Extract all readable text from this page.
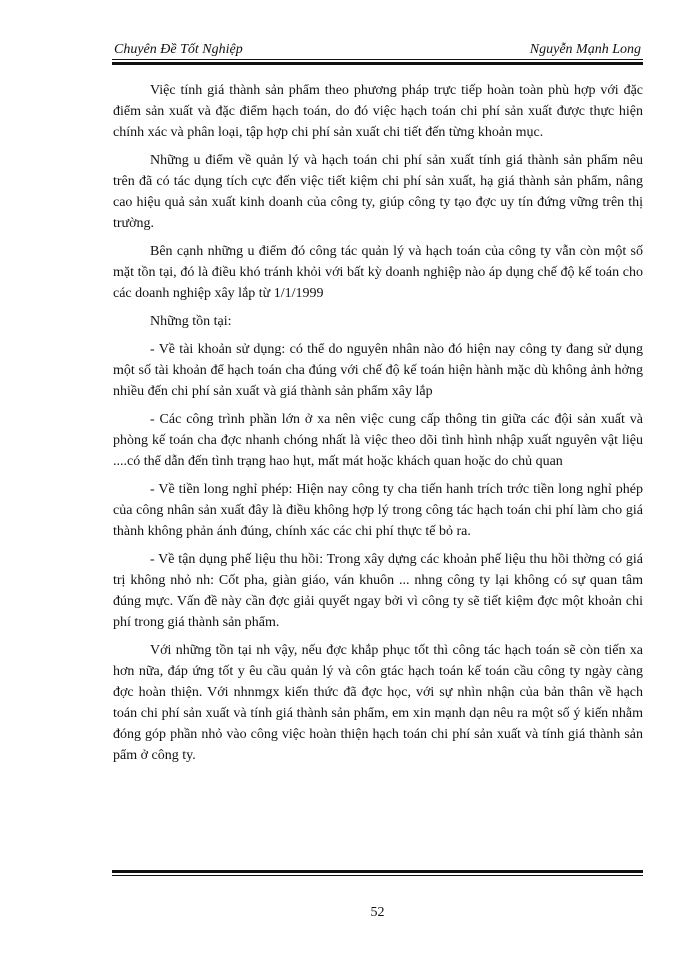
Chuyên Đề Tốt Nghiệp	Nguyễn Mạnh Long

Việc tính giá thành sản phẩm theo phương pháp trực tiếp hoàn toàn phù hợp với đặc điểm sản xuất và đặc điểm hạch toán, do đó việc hạch toán chi phí sản xuất được thực hiện chính xác và phân loại, tập hợp chi phí sản xuất chi tiết đến từng khoản mục.

Những u điểm về quản lý và hạch toán chi phí sản xuất tính giá thành sản phẩm nêu trên đã có tác dụng tích cực đến việc tiết kiệm chi phí sản xuất, hạ giá thành sản phẩm, nâng cao hiệu quả sản xuất kinh doanh của công ty, giúp công ty tạo đợc uy tín đứng vững trên thị trường.

Bên cạnh những u điểm đó công tác quản lý và hạch toán của công ty vẫn còn một số mặt tồn tại, đó là điều khó tránh khỏi với bất kỳ doanh nghiệp nào áp dụng chế độ kế toán cho các doanh nghiệp xây lắp từ 1/1/1999

Những tồn tại:

- Về tài khoản sử dụng: có thể do nguyên nhân nào đó hiện nay công ty đang sử dụng một số tài khoản để hạch toán cha đúng với chế độ kế toán hiện hành mặc dù không ảnh hởng nhiều đến chi phí sản xuất và giá thành sản phẩm xây lắp

- Các công trình phần lớn ở xa nên việc cung cấp thông tin giữa các đội sản xuất và phòng kế toán cha đợc nhanh chóng nhất là việc theo dõi tình hình nhập xuất nguyên vật liệu ....có thể dẫn đến tình trạng hao hụt, mất mát hoặc khách quan hoặc do chủ quan

- Về tiền long nghỉ phép: Hiện nay công ty cha tiến hanh trích trớc tiền long nghỉ phép của công nhân sản xuất đây là điều không hợp lý trong công tác hạch toán chi phí làm cho giá thành không phản ánh đúng, chính xác các chi phí thực tế bỏ ra.

- Về tận dụng phế liệu thu hồi: Trong xây dựng các khoản phế liệu thu hồi thờng có giá trị không nhỏ nh: Cốt pha, giàn giáo, ván khuôn ... nhng công ty lại không có sự quan tâm đúng mực. Vấn đề này cần đợc giải quyết ngay bởi vì công ty sẽ tiết kiệm đợc một khoản chi phí trong giá thành sản phẩm.

Với những tồn tại nh vậy, nếu đợc khắp phục tốt thì công tác hạch toán sẽ còn tiến xa hơn nữa, đáp ứng tốt y êu cầu quản lý và côn gtác hạch toán kế toán cầu công ty ngày càng đợc hoàn thiện. Với nhnmgx kiến thức đã đợc học, với sự nhìn nhận của bản thân về hạch toán chi phí sản xuất và tính giá thành sản phẩm, em xin mạnh dạn nêu ra một số ý kiến nhằm đóng góp phần nhỏ vào công việc hoàn thiện hạch toán chi phí sản xuất và tính giá thành sản pẩm ở công ty.

52
